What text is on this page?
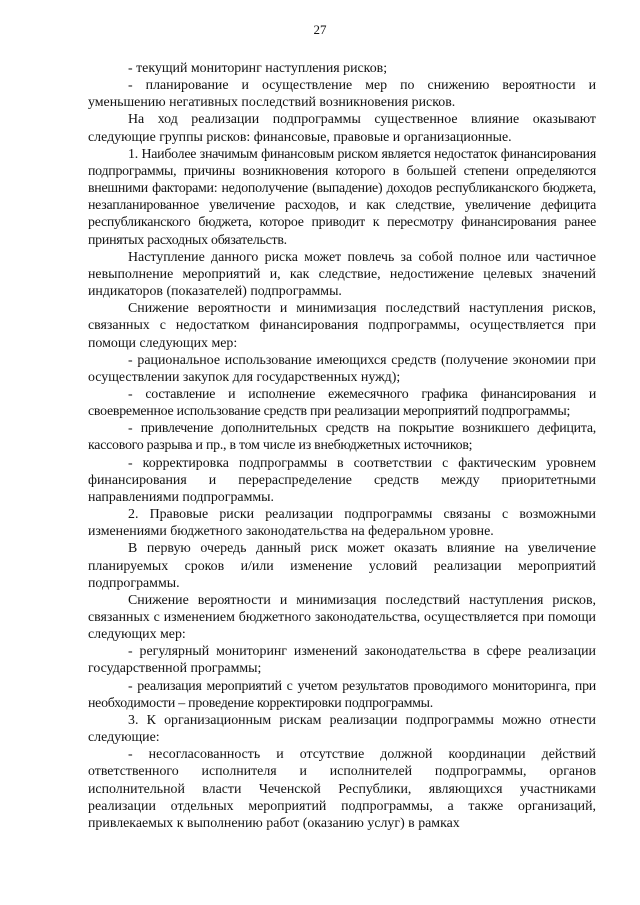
27

- текущий мониторинг наступления рисков;

- планирование и осуществление мер по снижению вероятности и уменьшению негативных последствий возникновения рисков.

На ход реализации подпрограммы существенное влияние оказывают следующие группы рисков: финансовые, правовые и организационные.

1. Наиболее значимым финансовым риском является недостаток финансирования подпрограммы, причины возникновения которого в большей степени определяются внешними факторами: недополучение (выпадение) доходов республиканского бюджета, незапланированное увеличение расходов, и как следствие, увеличение дефицита республиканского бюджета, которое приводит к пересмотру финансирования ранее принятых расходных обязательств.

Наступление данного риска может повлечь за собой полное или частичное невыполнение мероприятий и, как следствие, недостижение целевых значений индикаторов (показателей) подпрограммы.

Снижение вероятности и минимизация последствий наступления рисков, связанных с недостатком финансирования подпрограммы, осуществляется при помощи следующих мер:

- рациональное использование имеющихся средств (получение экономии при осуществлении закупок для государственных нужд);

- составление и исполнение ежемесячного графика финансирования и своевременное использование средств при реализации мероприятий подпрограммы;

- привлечение дополнительных средств на покрытие возникшего дефицита, кассового разрыва и пр., в том числе из внебюджетных источников;

- корректировка подпрограммы в соответствии с фактическим уровнем финансирования и перераспределение средств между приоритетными направлениями подпрограммы.

2. Правовые риски реализации подпрограммы связаны с возможными изменениями бюджетного законодательства на федеральном уровне.

В первую очередь данный риск может оказать влияние на увеличение планируемых сроков и/или изменение условий реализации мероприятий подпрограммы.

Снижение вероятности и минимизация последствий наступления рисков, связанных с изменением бюджетного законодательства, осуществляется при помощи следующих мер:

- регулярный мониторинг изменений законодательства в сфере реализации государственной программы;

- реализация мероприятий с учетом результатов проводимого мониторинга, при необходимости – проведение корректировки подпрограммы.

3. К организационным рискам реализации подпрограммы можно отнести следующие:

- несогласованность и отсутствие должной координации действий ответственного исполнителя и исполнителей подпрограммы, органов исполнительной власти Чеченской Республики, являющихся участниками реализации отдельных мероприятий подпрограммы, а также организаций, привлекаемых к выполнению работ (оказанию услуг) в рамках
